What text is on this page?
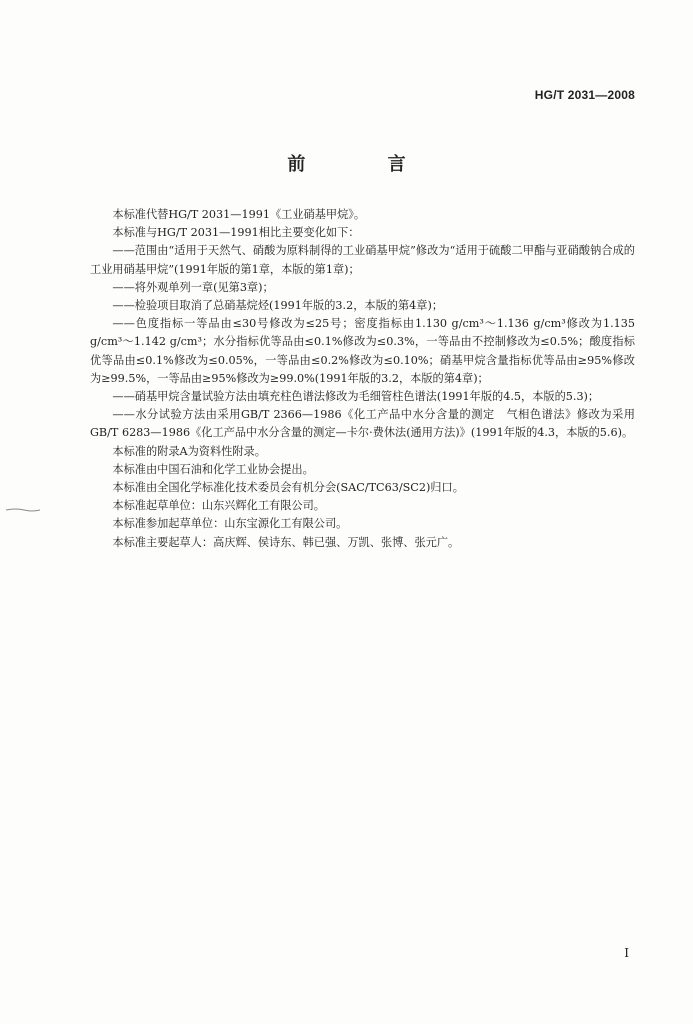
HG/T 2031—2008
前 言

本标准代替HG/T 2031—1991《工业硝基甲烷》。

本标准与HG/T 2031—1991相比主要变化如下：

——范围由“适用于天然气、硝酸为原料制得的工业硝基甲烷”修改为“适用于硫酸二甲酯与亚硝酸钠合成的工业用硝基甲烷”(1991年版的第1章，本版的第1章)；

——将外观单列一章(见第3章)；

——检验项目取消了总硝基烷烃(1991年版的3.2，本版的第4章)；

——色度指标一等品由≤30号修改为≤25号；密度指标由1.130 g/cm³～1.136 g/cm³修改为1.135 g/cm³～1.142 g/cm³；水分指标优等品由≤0.1%修改为≤0.3%，一等品由不控制修改为≤0.5%；酸度指标优等品由≤0.1%修改为≤0.05%，一等品由≤0.2%修改为≤0.10%；硝基甲烷含量指标优等品由≥95%修改为≥99.5%，一等品由≥95%修改为≥99.0%(1991年版的3.2，本版的第4章)；

——硝基甲烷含量试验方法由填充柱色谱法修改为毛细管柱色谱法(1991年版的4.5，本版的5.3)；

——水分试验方法由采用GB/T 2366—1986《化工产品中水分含量的测定　气相色谱法》修改为采用GB/T 6283—1986《化工产品中水分含量的测定—卡尔·费休法(通用方法)》(1991年版的4.3，本版的5.6)。

本标准的附录A为资料性附录。

本标准由中国石油和化学工业协会提出。

本标准由全国化学标准化技术委员会有机分会(SAC/TC63/SC2)归口。

本标准起草单位：山东兴辉化工有限公司。

本标准参加起草单位：山东宝源化工有限公司。

本标准主要起草人：高庆辉、侯诗东、韩已强、万凯、张博、张元广。

I
